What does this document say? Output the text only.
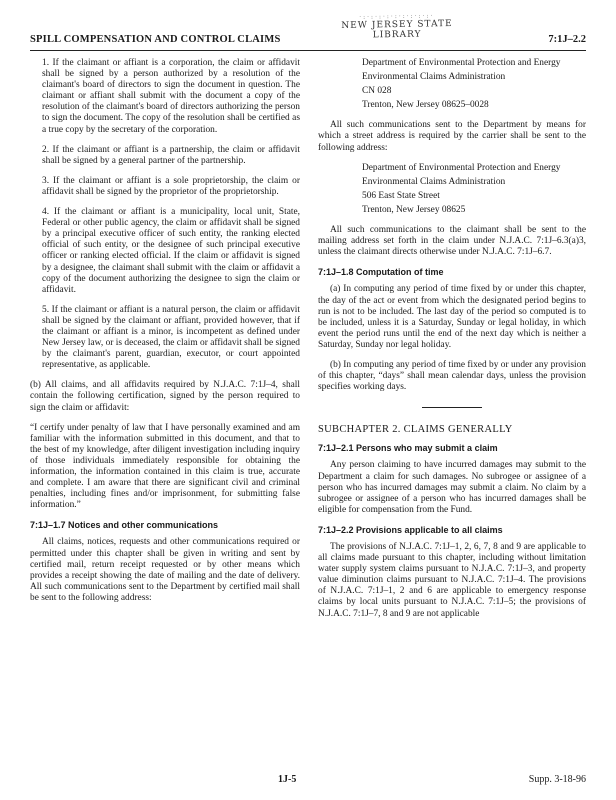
·:·:·:·:·:·:·:·:·:·
NEW JERSEY STATE LIBRARY
SPILL COMPENSATION AND CONTROL CLAIMS	7:1J–2.2

1. If the claimant or affiant is a corporation, the claim or affidavit shall be signed by a person authorized by a resolution of the claimant's board of directors to sign the document in question. The claimant or affiant shall submit with the document a copy of the resolution of the claimant's board of directors authorizing the person to sign the document. The copy of the resolution shall be certified as a true copy by the secretary of the corporation.

2. If the claimant or affiant is a partnership, the claim or affidavit shall be signed by a general partner of the partnership.

3. If the claimant or affiant is a sole proprietorship, the claim or affidavit shall be signed by the proprietor of the proprietorship.

4. If the claimant or affiant is a municipality, local unit, State, Federal or other public agency, the claim or affidavit shall be signed by a principal executive officer of such entity, the ranking elected official of such entity, or the designee of such principal executive officer or ranking elected official. If the claim or affidavit is signed by a designee, the claimant shall submit with the claim or affidavit a copy of the document authorizing the designee to sign the claim or affidavit.

5. If the claimant or affiant is a natural person, the claim or affidavit shall be signed by the claimant or affiant, provided however, that if the claimant or affiant is a minor, is incompetent as defined under New Jersey law, or is deceased, the claim or affidavit shall be signed by the claimant's parent, guardian, executor, or court appointed representative, as applicable.

(b) All claims, and all affidavits required by N.J.A.C. 7:1J–4, shall contain the following certification, signed by the person required to sign the claim or affidavit:

“I certify under penalty of law that I have personally examined and am familiar with the information submitted in this document, and that to the best of my knowledge, after diligent investigation including inquiry of those individuals immediately responsible for obtaining the information, the information contained in this claim is true, accurate and complete. I am aware that there are significant civil and criminal penalties, including fines and/or imprisonment, for submitting false information.”

7:1J–1.7 Notices and other communications

All claims, notices, requests and other communications required or permitted under this chapter shall be given in writing and sent by certified mail, return receipt requested or by other means which provides a receipt showing the date of mailing and the date of delivery. All such communications sent to the Department by certified mail shall be sent to the following address:

Department of Environmental Protection and Energy
Environmental Claims Administration
CN 028
Trenton, New Jersey 08625–0028

All such communications sent to the Department by means for which a street address is required by the carrier shall be sent to the following address:

Department of Environmental Protection and Energy
Environmental Claims Administration
506 East State Street
Trenton, New Jersey 08625

All such communications to the claimant shall be sent to the mailing address set forth in the claim under N.J.A.C. 7:1J–6.3(a)3, unless the claimant directs otherwise under N.J.A.C. 7:1J–6.7.

7:1J–1.8 Computation of time

(a) In computing any period of time fixed by or under this chapter, the day of the act or event from which the designated period begins to run is not to be included. The last day of the period so computed is to be included, unless it is a Saturday, Sunday or legal holiday, in which event the period runs until the end of the next day which is neither a Saturday, Sunday nor legal holiday.

(b) In computing any period of time fixed by or under any provision of this chapter, “days” shall mean calendar days, unless the provision specifies working days.

SUBCHAPTER 2. CLAIMS GENERALLY
7:1J–2.1 Persons who may submit a claim

Any person claiming to have incurred damages may submit to the Department a claim for such damages. No subrogee or assignee of a person who has incurred damages may submit a claim. No claim by a subrogee or assignee of a person who has incurred damages shall be eligible for compensation from the Fund.

7:1J–2.2 Provisions applicable to all claims

The provisions of N.J.A.C. 7:1J–1, 2, 6, 7, 8 and 9 are applicable to all claims made pursuant to this chapter, including without limitation water supply system claims pursuant to N.J.A.C. 7:1J–3, and property value diminution claims pursuant to N.J.A.C. 7:1J–4. The provisions of N.J.A.C. 7:1J–1, 2 and 6 are applicable to emergency response claims by local units pursuant to N.J.A.C. 7:1J–5; the provisions of N.J.A.C. 7:1J–7, 8 and 9 are not applicable

1J-5	Supp. 3-18-96
